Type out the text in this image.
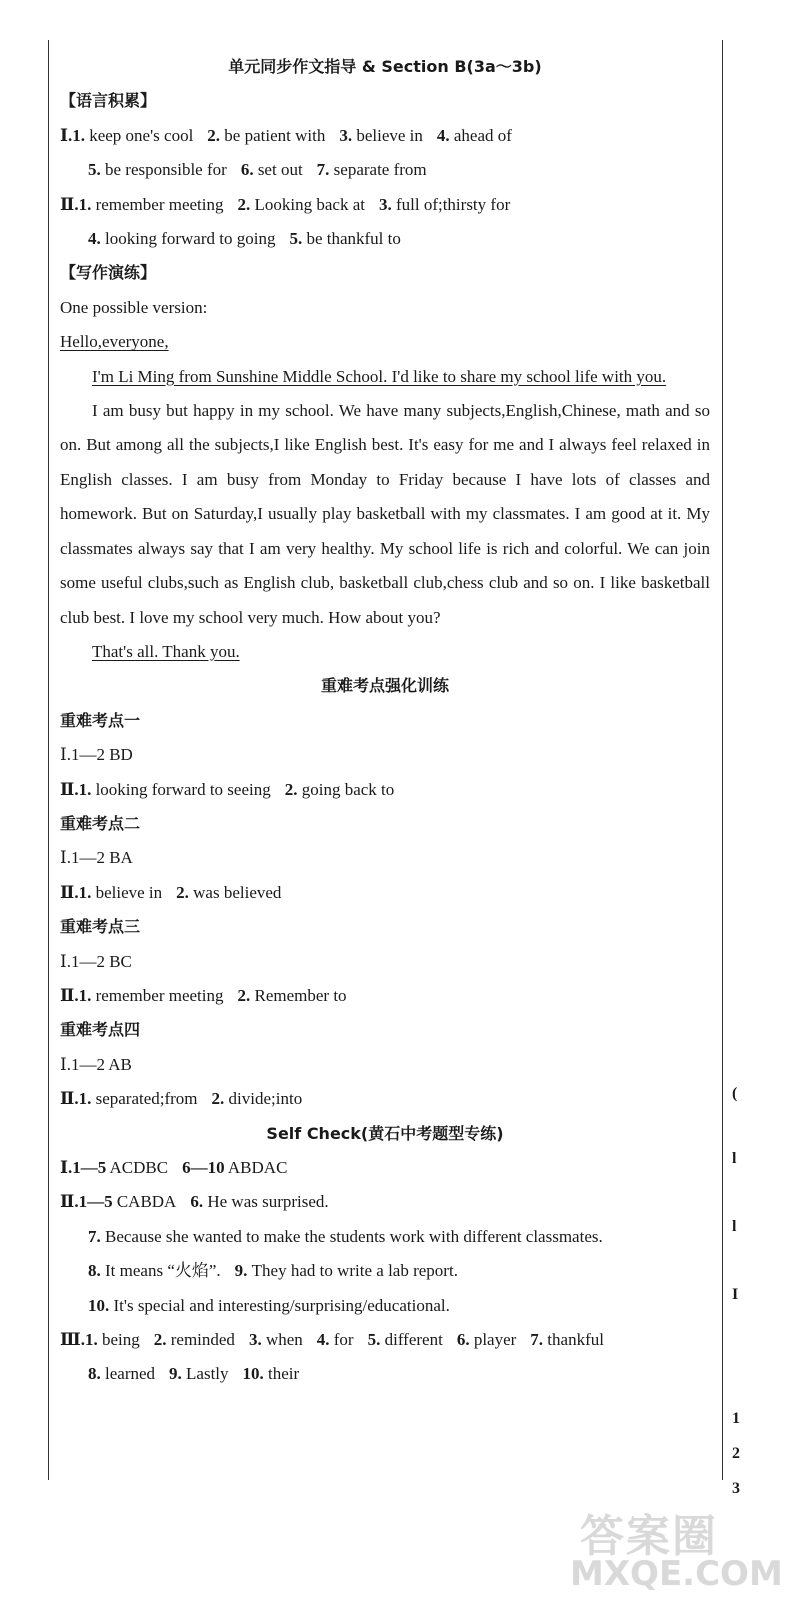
单元同步作文指导 & Section B(3a～3b)
【语言积累】
Ⅰ.1. keep one's cool 2. be patient with 3. believe in 4. ahead of
5. be responsible for 6. set out 7. separate from
Ⅱ.1. remember meeting 2. Looking back at 3. full of;thirsty for
4. looking forward to going 5. be thankful to
【写作演练】
One possible version:
Hello,everyone,
I'm Li Ming from Sunshine Middle School. I'd like to share my school life with you.
I am busy but happy in my school. We have many subjects,English,Chinese, math and so on. But among all the subjects,I like English best. It's easy for me and I always feel relaxed in English classes. I am busy from Monday to Friday because I have lots of classes and homework. But on Saturday,I usually play basketball with my classmates. I am good at it. My classmates always say that I am very healthy. My school life is rich and colorful. We can join some useful clubs,such as English club, basketball club,chess club and so on. I like basketball club best. I love my school very much. How about you?
That's all. Thank you.
重难考点强化训练
重难考点一
Ⅰ.1—2 BD
Ⅱ.1. looking forward to seeing 2. going back to
重难考点二
Ⅰ.1—2 BA
Ⅱ.1. believe in 2. was believed
重难考点三
Ⅰ.1—2 BC
Ⅱ.1. remember meeting 2. Remember to
重难考点四
Ⅰ.1—2 AB
Ⅱ.1. separated;from 2. divide;into
Self Check(黄石中考题型专练)
Ⅰ.1—5 ACDBC 6—10 ABDAC
Ⅱ.1—5 CABDA 6. He was surprised.
7. Because she wanted to make the students work with different classmates.
8. It means “火焰”. 9. They had to write a lab report.
10. It's special and interesting/surprising/educational.
Ⅲ.1. being 2. reminded 3. when 4. for 5. different 6. player 7. thankful
8. learned 9. Lastly 10. their
(
l
l
I
1
2
3
答案圈
MXQE.COM
